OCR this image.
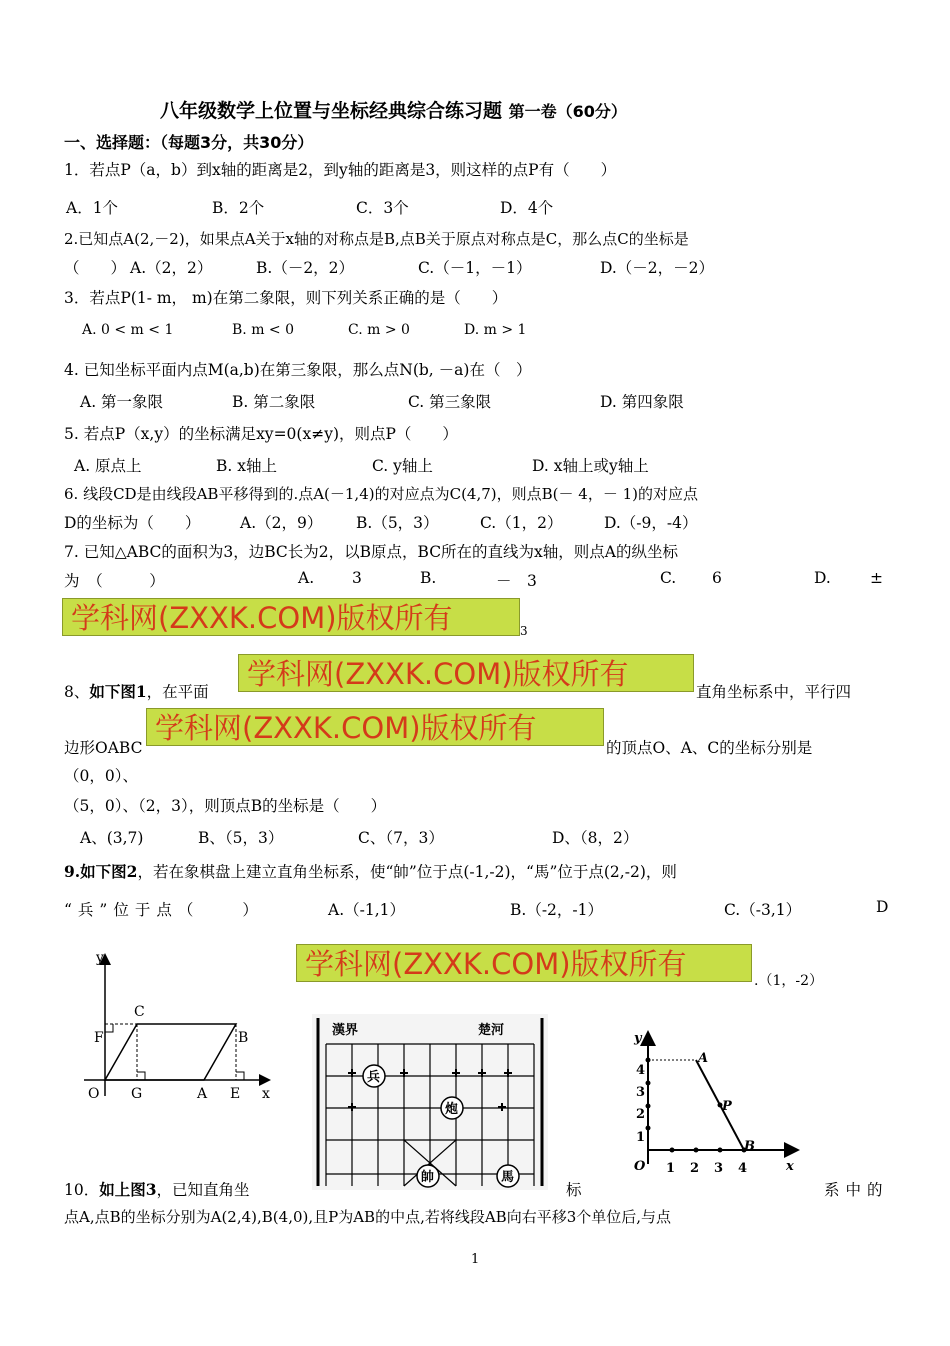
八年级数学上位置与坐标经典综合练习题 第一卷（60分）
一、选择题：（每题3分，共30分）
1．若点P（a，b）到x轴的距离是2，到y轴的距离是3，则这样的点P有（　　）
A．1个	B．2个	C．3个	D．4个
2.已知点A(2,－2)，如果点A关于x轴的对称点是B,点B关于原点对称点是C，那么点C的坐标是
（　　） A.（2，2）	B.（－2，2）	C.（－1，－1）	D.（－2，－2）
3．若点P(1- m， m)在第二象限，则下列关系正确的是（　　）
A. 0 < m < 1	B. m < 0	C. m > 0	D. m > 1
4. 已知坐标平面内点M(a,b)在第三象限，那么点N(b, －a)在（　）
A. 第一象限	B. 第二象限	C. 第三象限	D. 第四象限
5. 若点P（x,y）的坐标满足xy=0(x≠y)，则点P（　　）
A. 原点上	B. x轴上	C. y轴上	D. x轴上或y轴上
6. 线段CD是由线段AB平移得到的.点A(－1,4)的对应点为C(4,7)，则点B(－ 4，－ 1)的对应点
D的坐标为（　　）	A.（2，9） B.（5，3）	C.（1，2）	D.（-9，-4）
7. 已知△ABC的面积为3，边BC长为2，以B原点，BC所在的直线为x轴，则点A的纵坐标
为　（　　　）	A. 3	B.	－　3	C. 6	D.	±
学科网(ZXXK.COM)版权所有	3
8、如下图1，在平面
学科网(ZXXK.COM)版权所有
直角坐标系中，平行四
边形OABC
学科网(ZXXK.COM)版权所有
的顶点O、A、C的坐标分别是
（0，0）、
（5，0）、（2，3），则顶点B的坐标是（　　）
A、(3,7)	B、（5，3）	C、（7，3）	D、（8，2）
9.如下图2，若在象棋盘上建立直角坐标系，使“帥”位于点(-1,-2)，“馬”位于点(2,-2)，则
“兵”位于点（　　）	A.（-1,1）	B.（-2，-1）	C.（-3,1）	D
学科网(ZXXK.COM)版权所有	.（1，-2）
y
x
O G	A E
F
C
B	漢界	楚河
兵
炮
帥	馬
y
x
O 1 2 3 4
1
2
3
4
A
P
B
10．如上图3，已知直角坐	标	系中的
点A,点B的坐标分别为A(2,4),B(4,0),且P为AB的中点,若将线段AB向右平移3个单位后,与点
1
